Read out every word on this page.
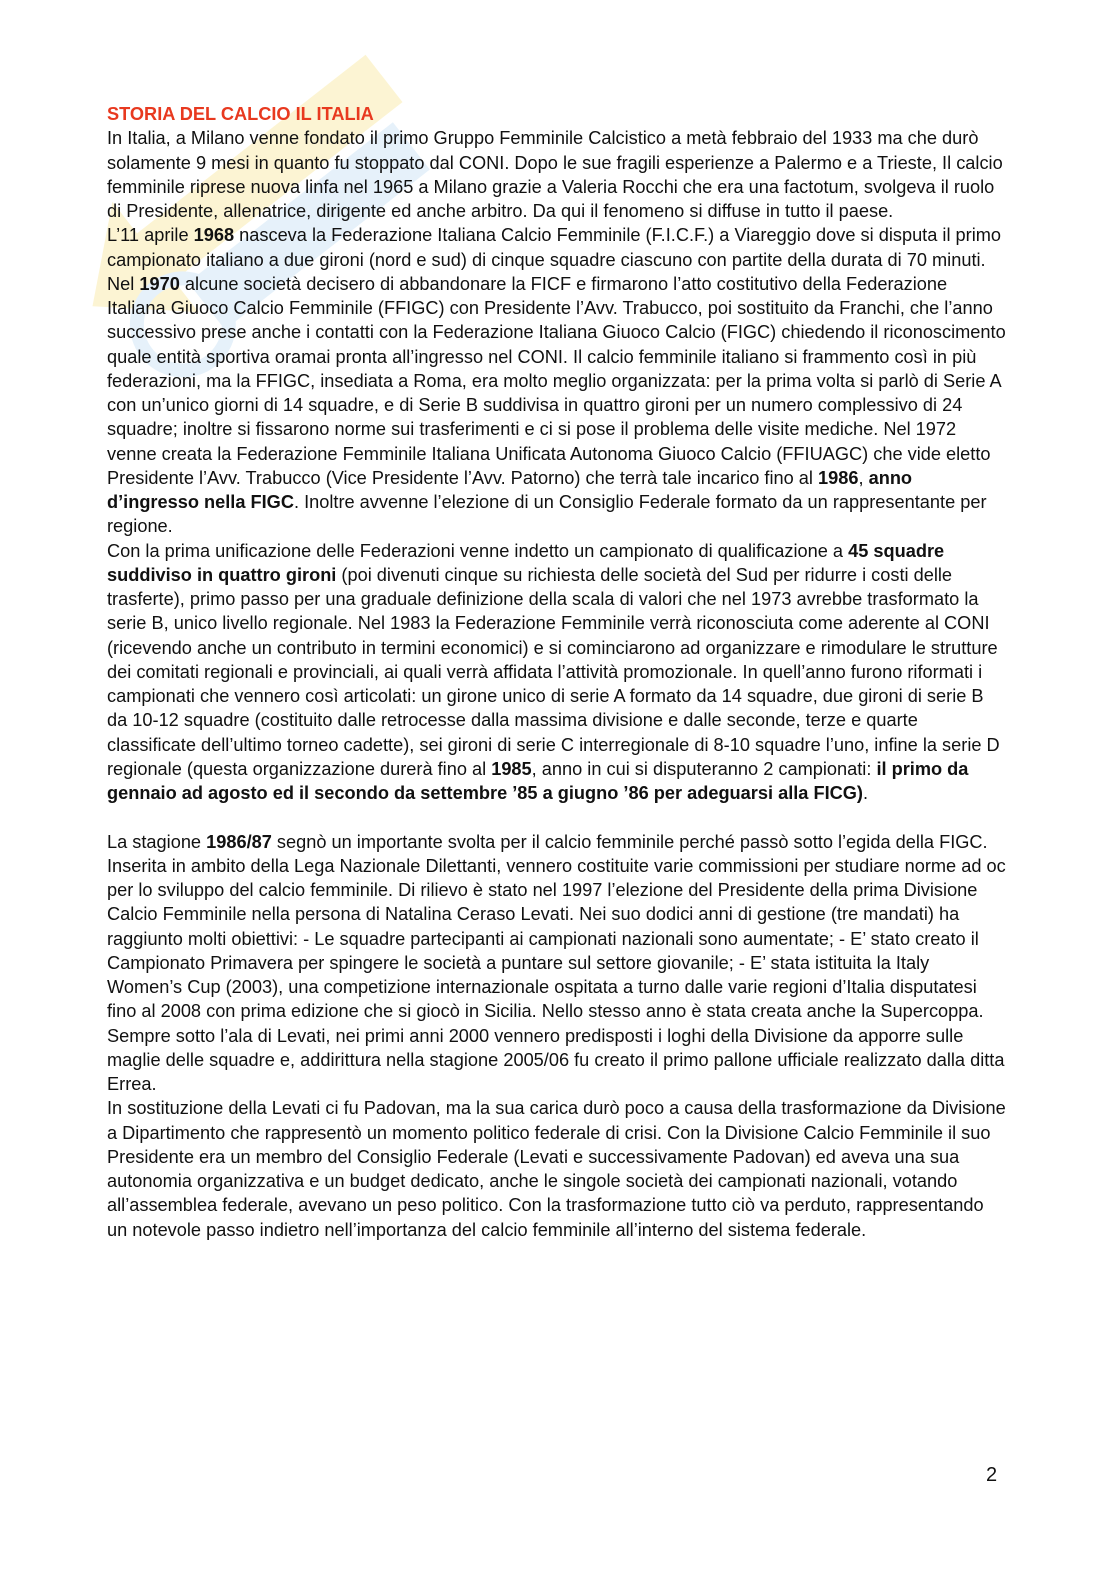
STORIA DEL CALCIO IL ITALIA

In Italia, a Milano venne fondato il primo Gruppo Femminile Calcistico a metà febbraio del 1933 ma che durò solamente 9 mesi in quanto fu stoppato dal CONI. Dopo le sue fragili esperienze a Palermo e a Trieste, Il calcio femminile riprese nuova linfa nel 1965 a Milano grazie a Valeria Rocchi che era una factotum, svolgeva il ruolo di Presidente, allenatrice, dirigente ed anche arbitro. Da qui il fenomeno si diffuse in tutto il paese.

L’11 aprile 1968 nasceva la Federazione Italiana Calcio Femminile (F.I.C.F.) a Viareggio dove si disputa il primo campionato italiano a due gironi (nord e sud) di cinque squadre ciascuno con partite della durata di 70 minuti.

Nel 1970 alcune società decisero di abbandonare la FICF e firmarono l’atto costitutivo della Federazione Italiana Giuoco Calcio Femminile (FFIGC) con Presidente l’Avv. Trabucco, poi sostituito da Franchi, che l’anno successivo prese anche i contatti con la Federazione Italiana Giuoco Calcio (FIGC) chiedendo il riconoscimento quale entità sportiva oramai pronta all’ingresso nel CONI. Il calcio femminile italiano si frammento così in più federazioni, ma la FFIGC, insediata a Roma, era molto meglio organizzata: per la prima volta si parlò di Serie A con un’unico giorni di 14 squadre, e di Serie B suddivisa in quattro gironi per un numero complessivo di 24 squadre; inoltre si fissarono norme sui trasferimenti e ci si pose il problema delle visite mediche. Nel 1972 venne creata la Federazione Femminile Italiana Unificata Autonoma Giuoco Calcio (FFIUAGC) che vide eletto Presidente l’Avv. Trabucco (Vice Presidente l’Avv. Patorno) che terrà tale incarico fino al 1986, anno d’ingresso nella FIGC. Inoltre avvenne l’elezione di un Consiglio Federale formato da un rappresentante per regione.

Con la prima unificazione delle Federazioni venne indetto un campionato di qualificazione a 45 squadre suddiviso in quattro gironi (poi divenuti cinque su richiesta delle società del Sud per ridurre i costi delle trasferte), primo passo per una graduale definizione della scala di valori che nel 1973 avrebbe trasformato la serie B, unico livello regionale. Nel 1983 la Federazione Femminile verrà riconosciuta come aderente al CONI (ricevendo anche un contributo in termini economici) e si cominciarono ad organizzare e rimodulare le strutture dei comitati regionali e provinciali, ai quali verrà affidata l’attività promozionale. In quell’anno furono riformati i campionati che vennero così articolati: un girone unico di serie A formato da 14 squadre, due gironi di serie B da 10-12 squadre (costituito dalle retrocesse dalla massima divisione e dalle seconde, terze e quarte classificate dell’ultimo torneo cadette), sei gironi di serie C interregionale di 8-10 squadre l’uno, infine la serie D regionale (questa organizzazione durerà fino al 1985, anno in cui si disputeranno 2 campionati: il primo da gennaio ad agosto ed il secondo da settembre ’85 a giugno ’86 per adeguarsi alla FICG).

La stagione 1986/87 segnò un importante svolta per il calcio femminile perché passò sotto l’egida della FIGC. Inserita in ambito della Lega Nazionale Dilettanti, vennero costituite varie commissioni per studiare norme ad oc per lo sviluppo del calcio femminile. Di rilievo è stato nel 1997 l’elezione del Presidente della prima Divisione Calcio Femminile nella persona di Natalina Ceraso Levati. Nei suo dodici anni di gestione (tre mandati) ha raggiunto molti obiettivi: - Le squadre partecipanti ai campionati nazionali sono aumentate; - E’ stato creato il Campionato Primavera per spingere le società a puntare sul settore giovanile; - E’ stata istituita la Italy Women’s Cup (2003), una competizione internazionale ospitata a turno dalle varie regioni d’Italia disputatesi fino al 2008 con prima edizione che si giocò in Sicilia. Nello stesso anno è stata creata anche la Supercoppa. Sempre sotto l’ala di Levati, nei primi anni 2000 vennero predisposti i loghi della Divisione da apporre sulle maglie delle squadre e, addirittura nella stagione 2005/06 fu creato il primo pallone ufficiale realizzato dalla ditta Errea.

In sostituzione della Levati ci fu Padovan, ma la sua carica durò poco a causa della trasformazione da Divisione a Dipartimento che rappresentò un momento politico federale di crisi. Con la Divisione Calcio Femminile il suo Presidente era un membro del Consiglio Federale (Levati e successivamente Padovan) ed aveva una sua autonomia organizzativa e un budget dedicato, anche le singole società dei campionati nazionali, votando all’assemblea federale, avevano un peso politico. Con la trasformazione tutto ciò va perduto, rappresentando un notevole passo indietro nell’importanza del calcio femminile all’interno del sistema federale.

2
